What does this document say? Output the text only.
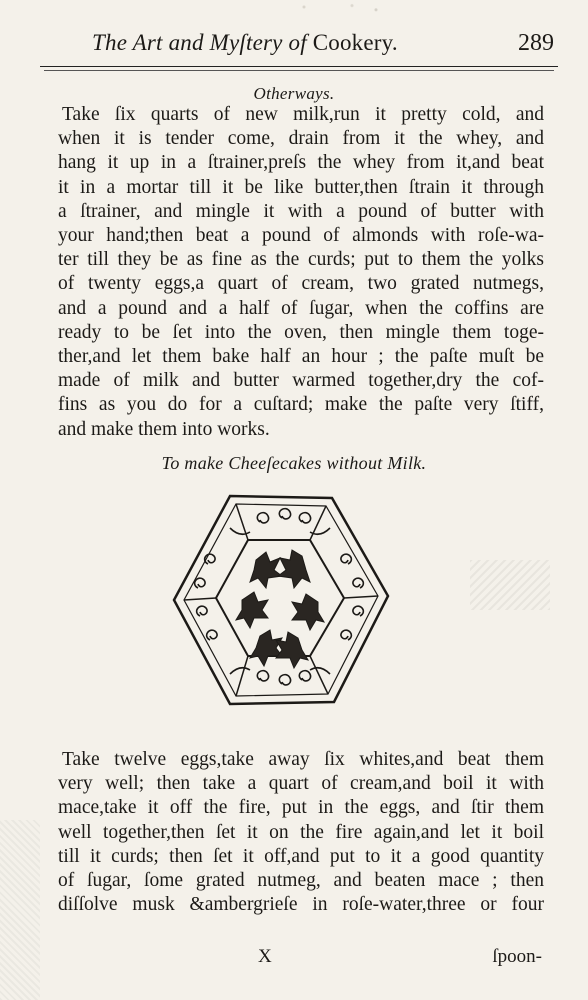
The Art and Myſtery of Cookery.	289
Otherways.
Take ſix quarts of new milk,run it pretty cold, and
when it is tender come, drain from it the whey, and
hang it up in a ſtrainer,preſs the whey from it,and beat
it in a mortar till it be like butter,then ſtrain it through
a ſtrainer, and mingle it with a pound of butter with
your hand;then beat a pound of almonds with roſe-wa-
ter till they be as fine as the curds; put to them the yolks
of twenty eggs,a quart of cream, two grated nutmegs,
and a pound and a half of ſugar, when the coffins are
ready to be ſet into the oven, then mingle them toge-
ther,and let them bake half an hour ; the paſte muſt be
made of milk and butter warmed together,dry the cof-
fins as you do for a cuſtard; make the paſte very ſtiff,
and make them into works.
To make Cheeſecakes without Milk.
Take twelve eggs,take away ſix whites,and beat them
very well; then take a quart of cream,and boil it with
mace,take it off the fire, put in the eggs, and ſtir them
well together,then ſet it on the fire again,and let it boil
till it curds; then ſet it off,and put to it a good quantity
of ſugar, ſome grated nutmeg, and beaten mace ; then
diſſolve musk &ambergrieſe in roſe-water,three or four
X	ſpoon-
